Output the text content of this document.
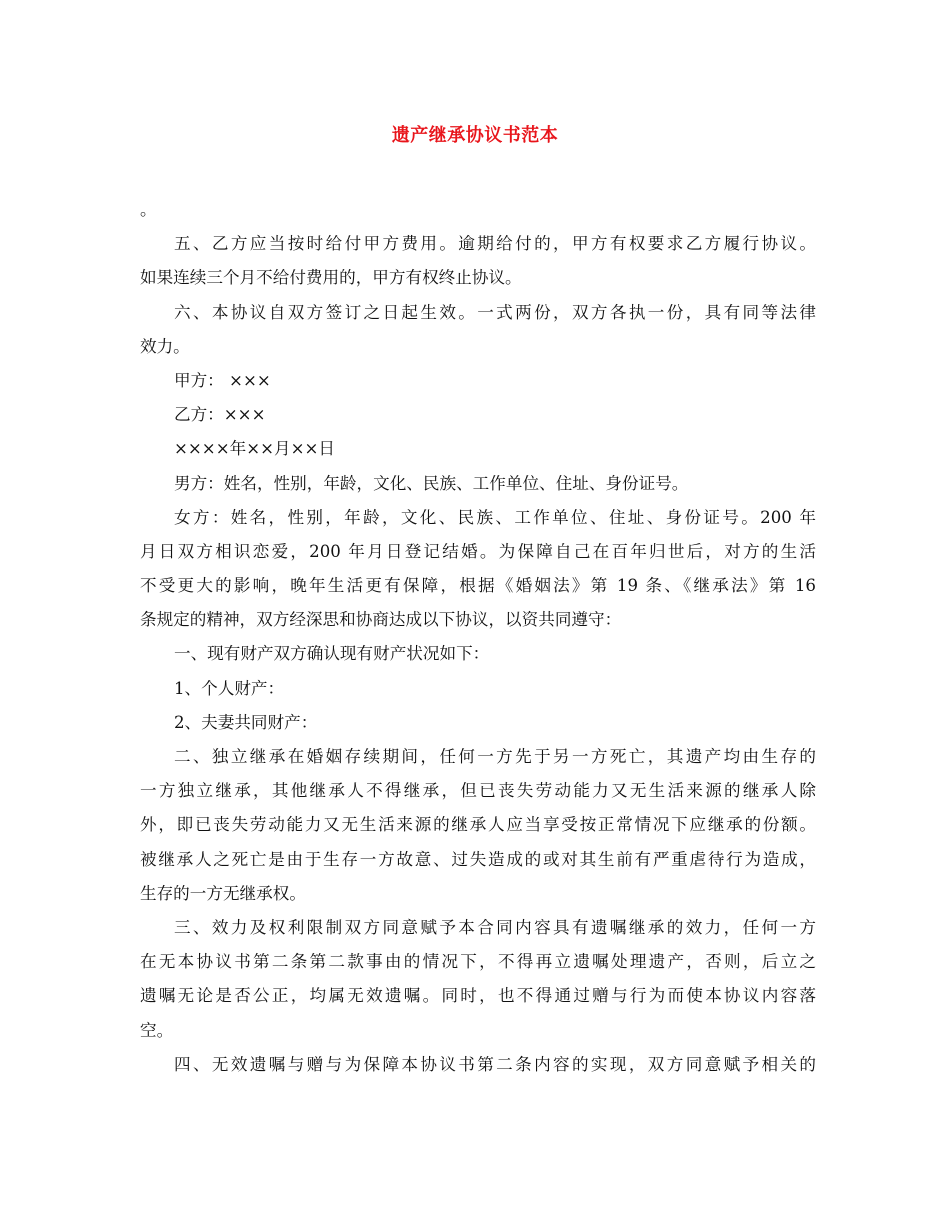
遗产继承协议书范本
。
五、乙方应当按时给付甲方费用。逾期给付的，甲方有权要求乙方履行协议。
如果连续三个月不给付费用的，甲方有权终止协议。
六、本协议自双方签订之日起生效。一式两份，双方各执一份，具有同等法律
效力。
甲方： ×××
乙方：×××
××××年××月××日
男方：姓名，性别，年龄，文化、民族、工作单位、住址、身份证号。
女方：姓名，性别，年龄，文化、民族、工作单位、住址、身份证号。200 年
月日双方相识恋爱，200 年月日登记结婚。为保障自己在百年归世后，对方的生活
不受更大的影响，晚年生活更有保障，根据《婚姻法》第 19 条、《继承法》第 16
条规定的精神，双方经深思和协商达成以下协议，以资共同遵守：
一、现有财产双方确认现有财产状况如下：
1、个人财产：
2、夫妻共同财产：
二、独立继承在婚姻存续期间，任何一方先于另一方死亡，其遗产均由生存的
一方独立继承，其他继承人不得继承，但已丧失劳动能力又无生活来源的继承人除
外，即已丧失劳动能力又无生活来源的继承人应当享受按正常情况下应继承的份额。
被继承人之死亡是由于生存一方故意、过失造成的或对其生前有严重虐待行为造成，
生存的一方无继承权。
三、效力及权利限制双方同意赋予本合同内容具有遗嘱继承的效力，任何一方
在无本协议书第二条第二款事由的情况下，不得再立遗嘱处理遗产，否则，后立之
遗嘱无论是否公正，均属无效遗嘱。同时，也不得通过赠与行为而使本协议内容落
空。
四、无效遗嘱与赠与为保障本协议书第二条内容的实现，双方同意赋予相关的
